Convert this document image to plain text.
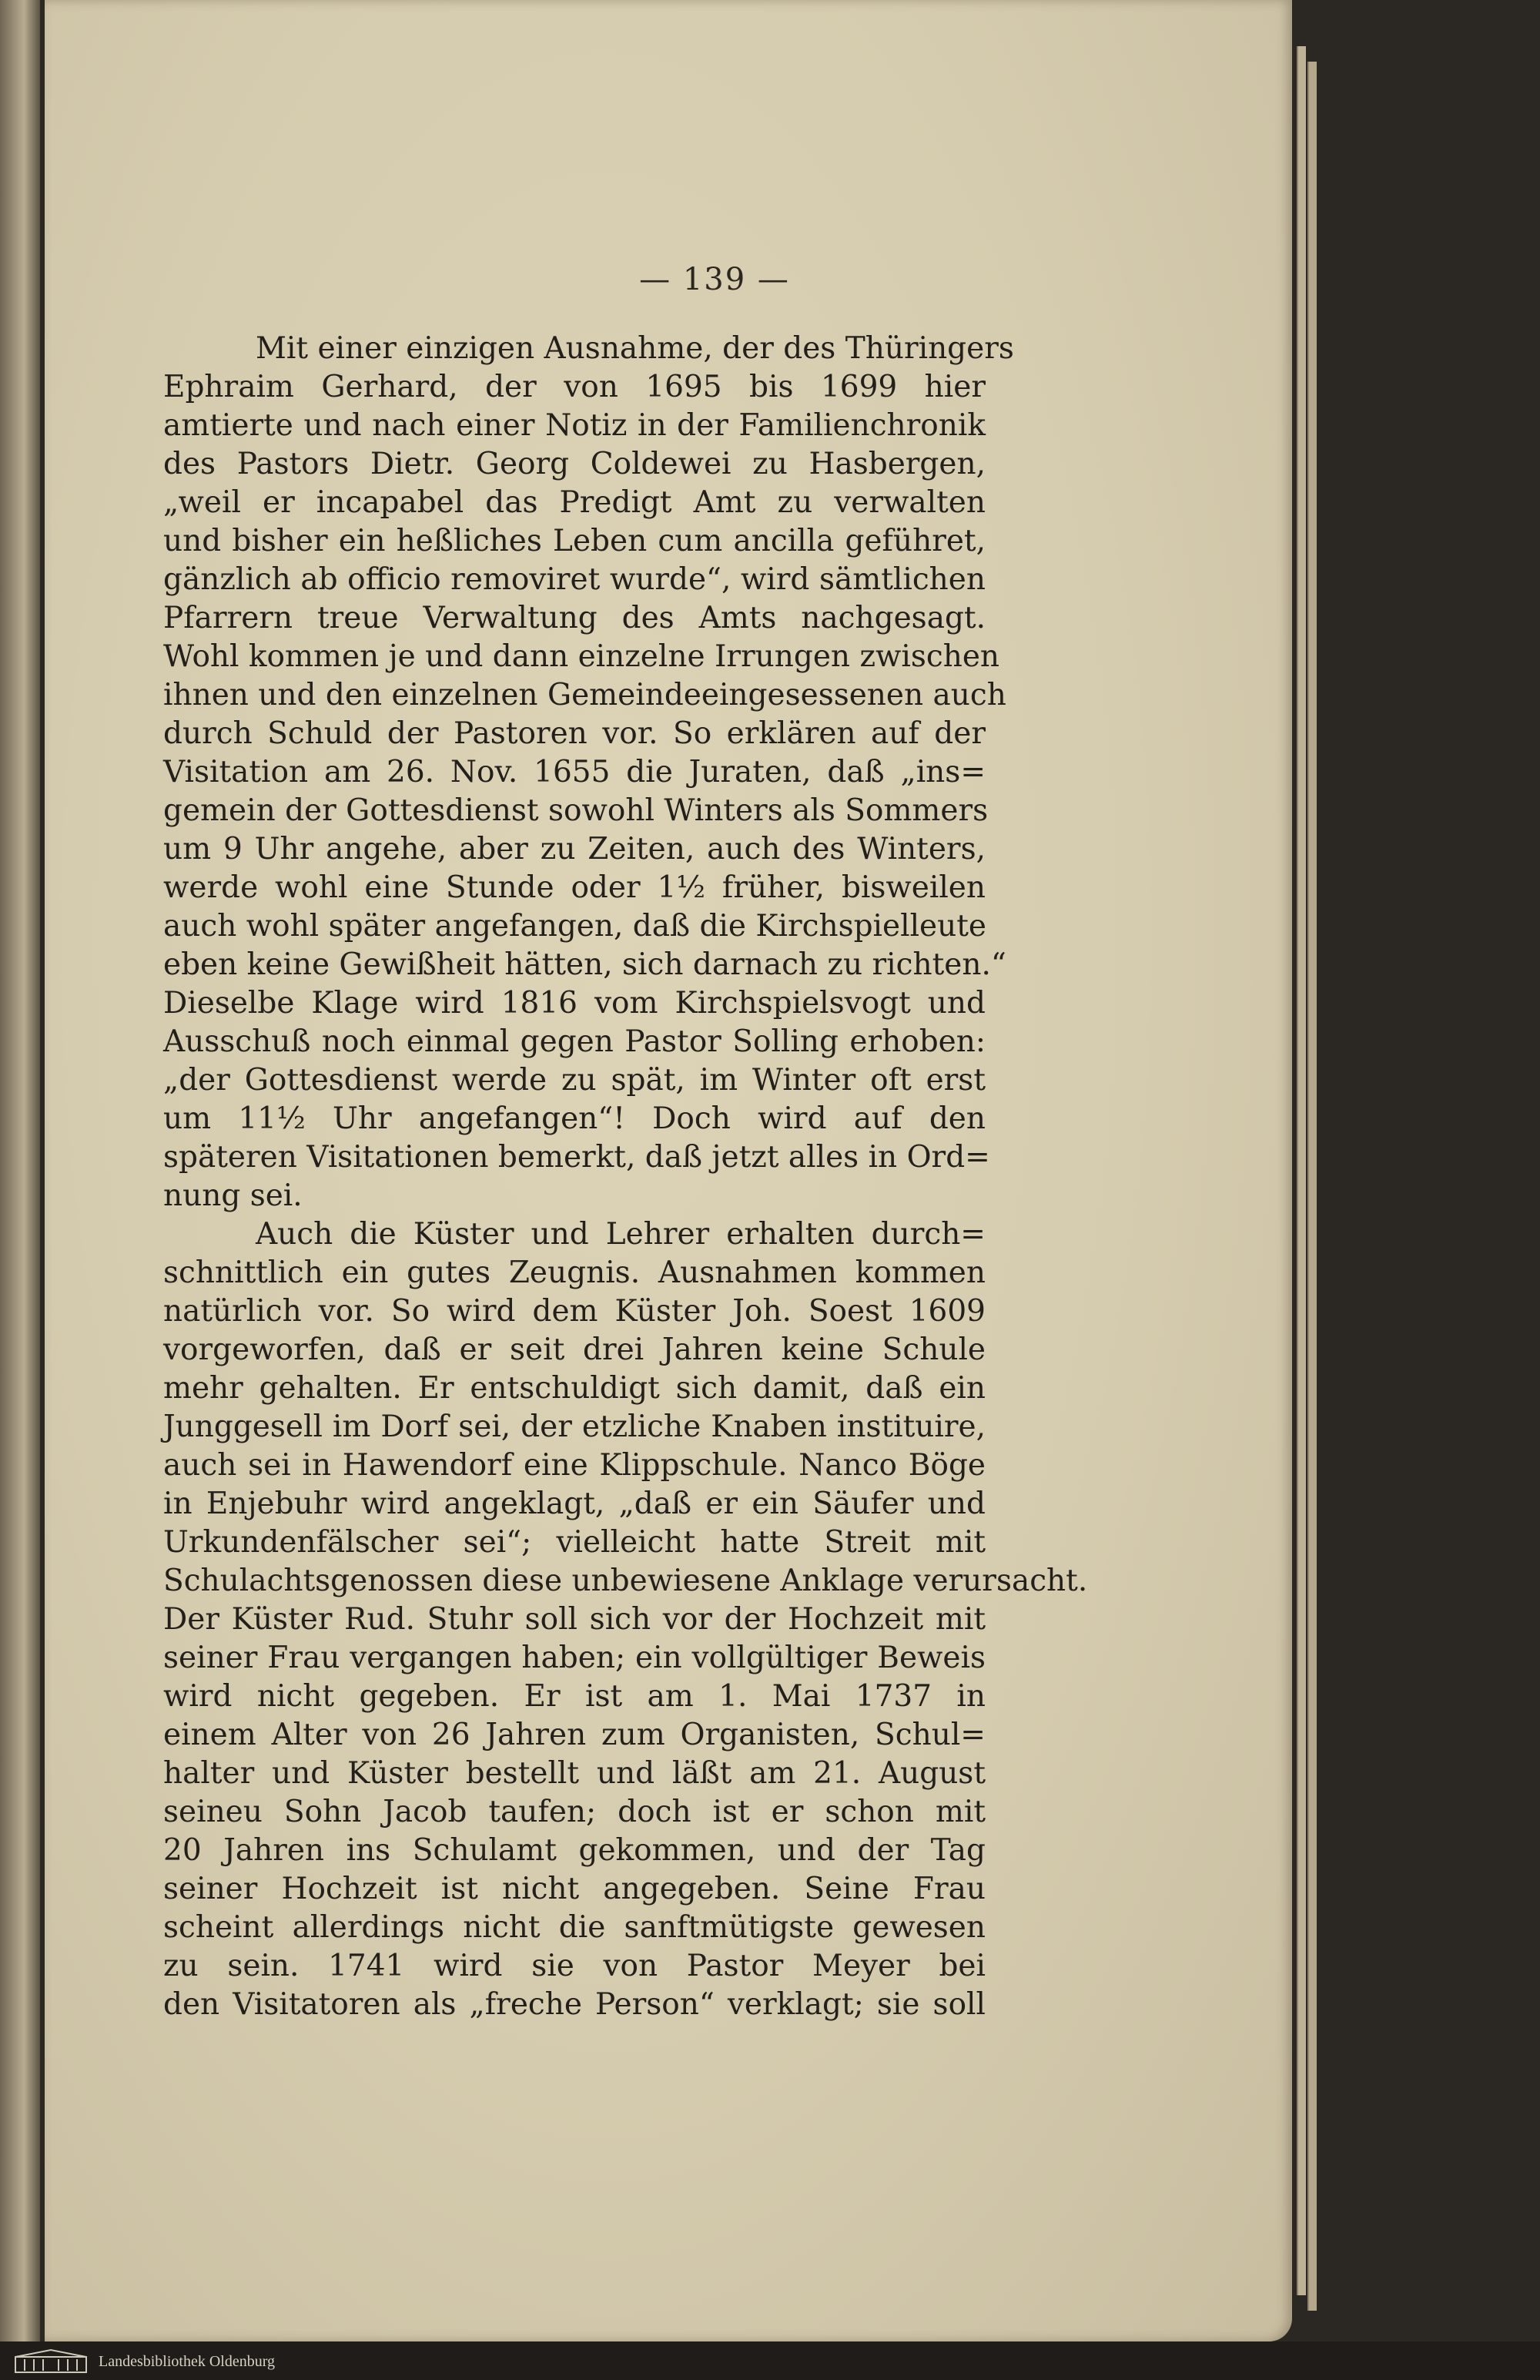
— 139 —
Mit einer einzigen Ausnahme, der des Thüringers
Ephraim Gerhard, der von 1695 bis 1699 hier
amtierte und nach einer Notiz in der Familienchronik
des Pastors Dietr. Georg Coldewei zu Hasbergen,
„weil er incapabel das Predigt Amt zu verwalten
und bisher ein heßliches Leben cum ancilla geführet,
gänzlich ab officio removiret wurde“, wird sämtlichen
Pfarrern treue Verwaltung des Amts nachgesagt.
Wohl kommen je und dann einzelne Irrungen zwischen
ihnen und den einzelnen Gemeindeeingesessenen auch
durch Schuld der Pastoren vor. So erklären auf der
Visitation am 26. Nov. 1655 die Juraten, daß „ins=
gemein der Gottesdienst sowohl Winters als Sommers
um 9 Uhr angehe, aber zu Zeiten, auch des Winters,
werde wohl eine Stunde oder 1½ früher, bisweilen
auch wohl später angefangen, daß die Kirchspielleute
eben keine Gewißheit hätten, sich darnach zu richten.“
Dieselbe Klage wird 1816 vom Kirchspielsvogt und
Ausschuß noch einmal gegen Pastor Solling erhoben:
„der Gottesdienst werde zu spät, im Winter oft erst
um 11½ Uhr angefangen“! Doch wird auf den
späteren Visitationen bemerkt, daß jetzt alles in Ord=
nung sei.
Auch die Küster und Lehrer erhalten durch=
schnittlich ein gutes Zeugnis. Ausnahmen kommen
natürlich vor. So wird dem Küster Joh. Soest 1609
vorgeworfen, daß er seit drei Jahren keine Schule
mehr gehalten. Er entschuldigt sich damit, daß ein
Junggesell im Dorf sei, der etzliche Knaben instituire,
auch sei in Hawendorf eine Klippschule. Nanco Böge
in Enjebuhr wird angeklagt, „daß er ein Säufer und
Urkundenfälscher sei“; vielleicht hatte Streit mit
Schulachtsgenossen diese unbewiesene Anklage verursacht.
Der Küster Rud. Stuhr soll sich vor der Hochzeit mit
seiner Frau vergangen haben; ein vollgültiger Beweis
wird nicht gegeben. Er ist am 1. Mai 1737 in
einem Alter von 26 Jahren zum Organisten, Schul=
halter und Küster bestellt und läßt am 21. August
seineu Sohn Jacob taufen; doch ist er schon mit
20 Jahren ins Schulamt gekommen, und der Tag
seiner Hochzeit ist nicht angegeben. Seine Frau
scheint allerdings nicht die sanftmütigste gewesen
zu sein. 1741 wird sie von Pastor Meyer bei
den Visitatoren als „freche Person“ verklagt; sie soll
Landesbibliothek Oldenburg
